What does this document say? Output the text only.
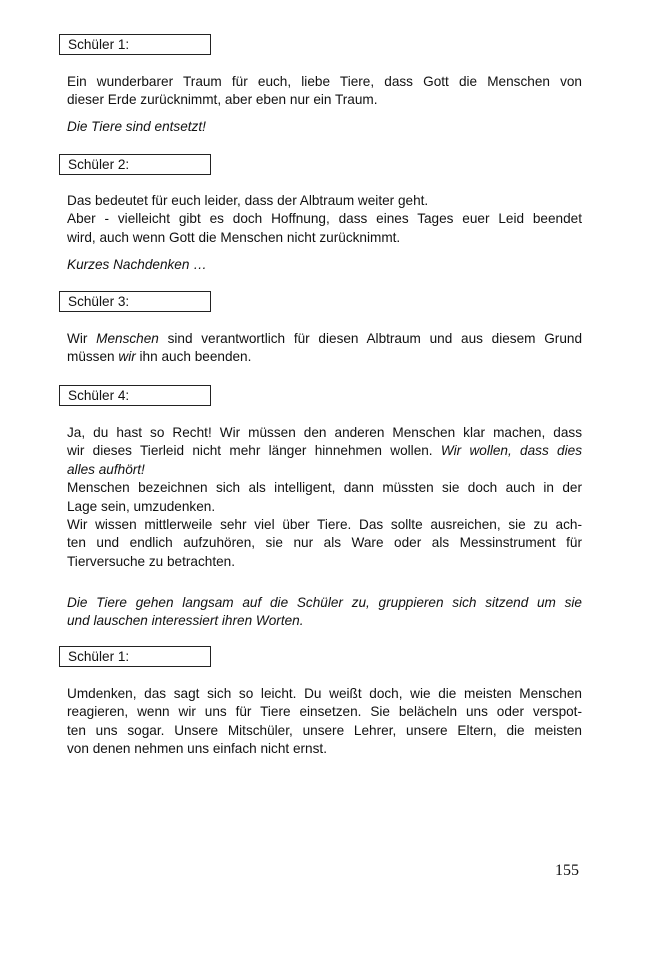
Schüler 1:
Ein wunderbarer Traum für euch, liebe Tiere, dass Gott die Menschen von
dieser Erde zurücknimmt, aber eben nur ein Traum.
Die Tiere sind entsetzt!
Schüler 2:
Das bedeutet für euch leider, dass der Albtraum weiter geht.
Aber - vielleicht gibt es doch Hoffnung, dass eines Tages euer Leid beendet
wird, auch wenn Gott die Menschen nicht zurücknimmt.
Kurzes Nachdenken …
Schüler 3:
Wir Menschen sind verantwortlich für diesen Albtraum und aus diesem Grund
müssen wir ihn auch beenden.
Schüler 4:
Ja, du hast so Recht! Wir müssen den anderen Menschen klar machen, dass
wir dieses Tierleid nicht mehr länger hinnehmen wollen. Wir wollen, dass dies
alles aufhört!
Menschen bezeichnen sich als intelligent, dann müssten sie doch auch in der
Lage sein, umzudenken.
Wir wissen mittlerweile sehr viel über Tiere. Das sollte ausreichen, sie zu ach-
ten und endlich aufzuhören, sie nur als Ware oder als Messinstrument für
Tierversuche zu betrachten.
Die Tiere gehen langsam auf die Schüler zu, gruppieren sich sitzend um sie
und lauschen interessiert ihren Worten.
Schüler 1:
Umdenken, das sagt sich so leicht. Du weißt doch, wie die meisten Menschen
reagieren, wenn wir uns für Tiere einsetzen. Sie belächeln uns oder verspot-
ten uns sogar. Unsere Mitschüler, unsere Lehrer, unsere Eltern, die meisten
von denen nehmen uns einfach nicht ernst.
155
